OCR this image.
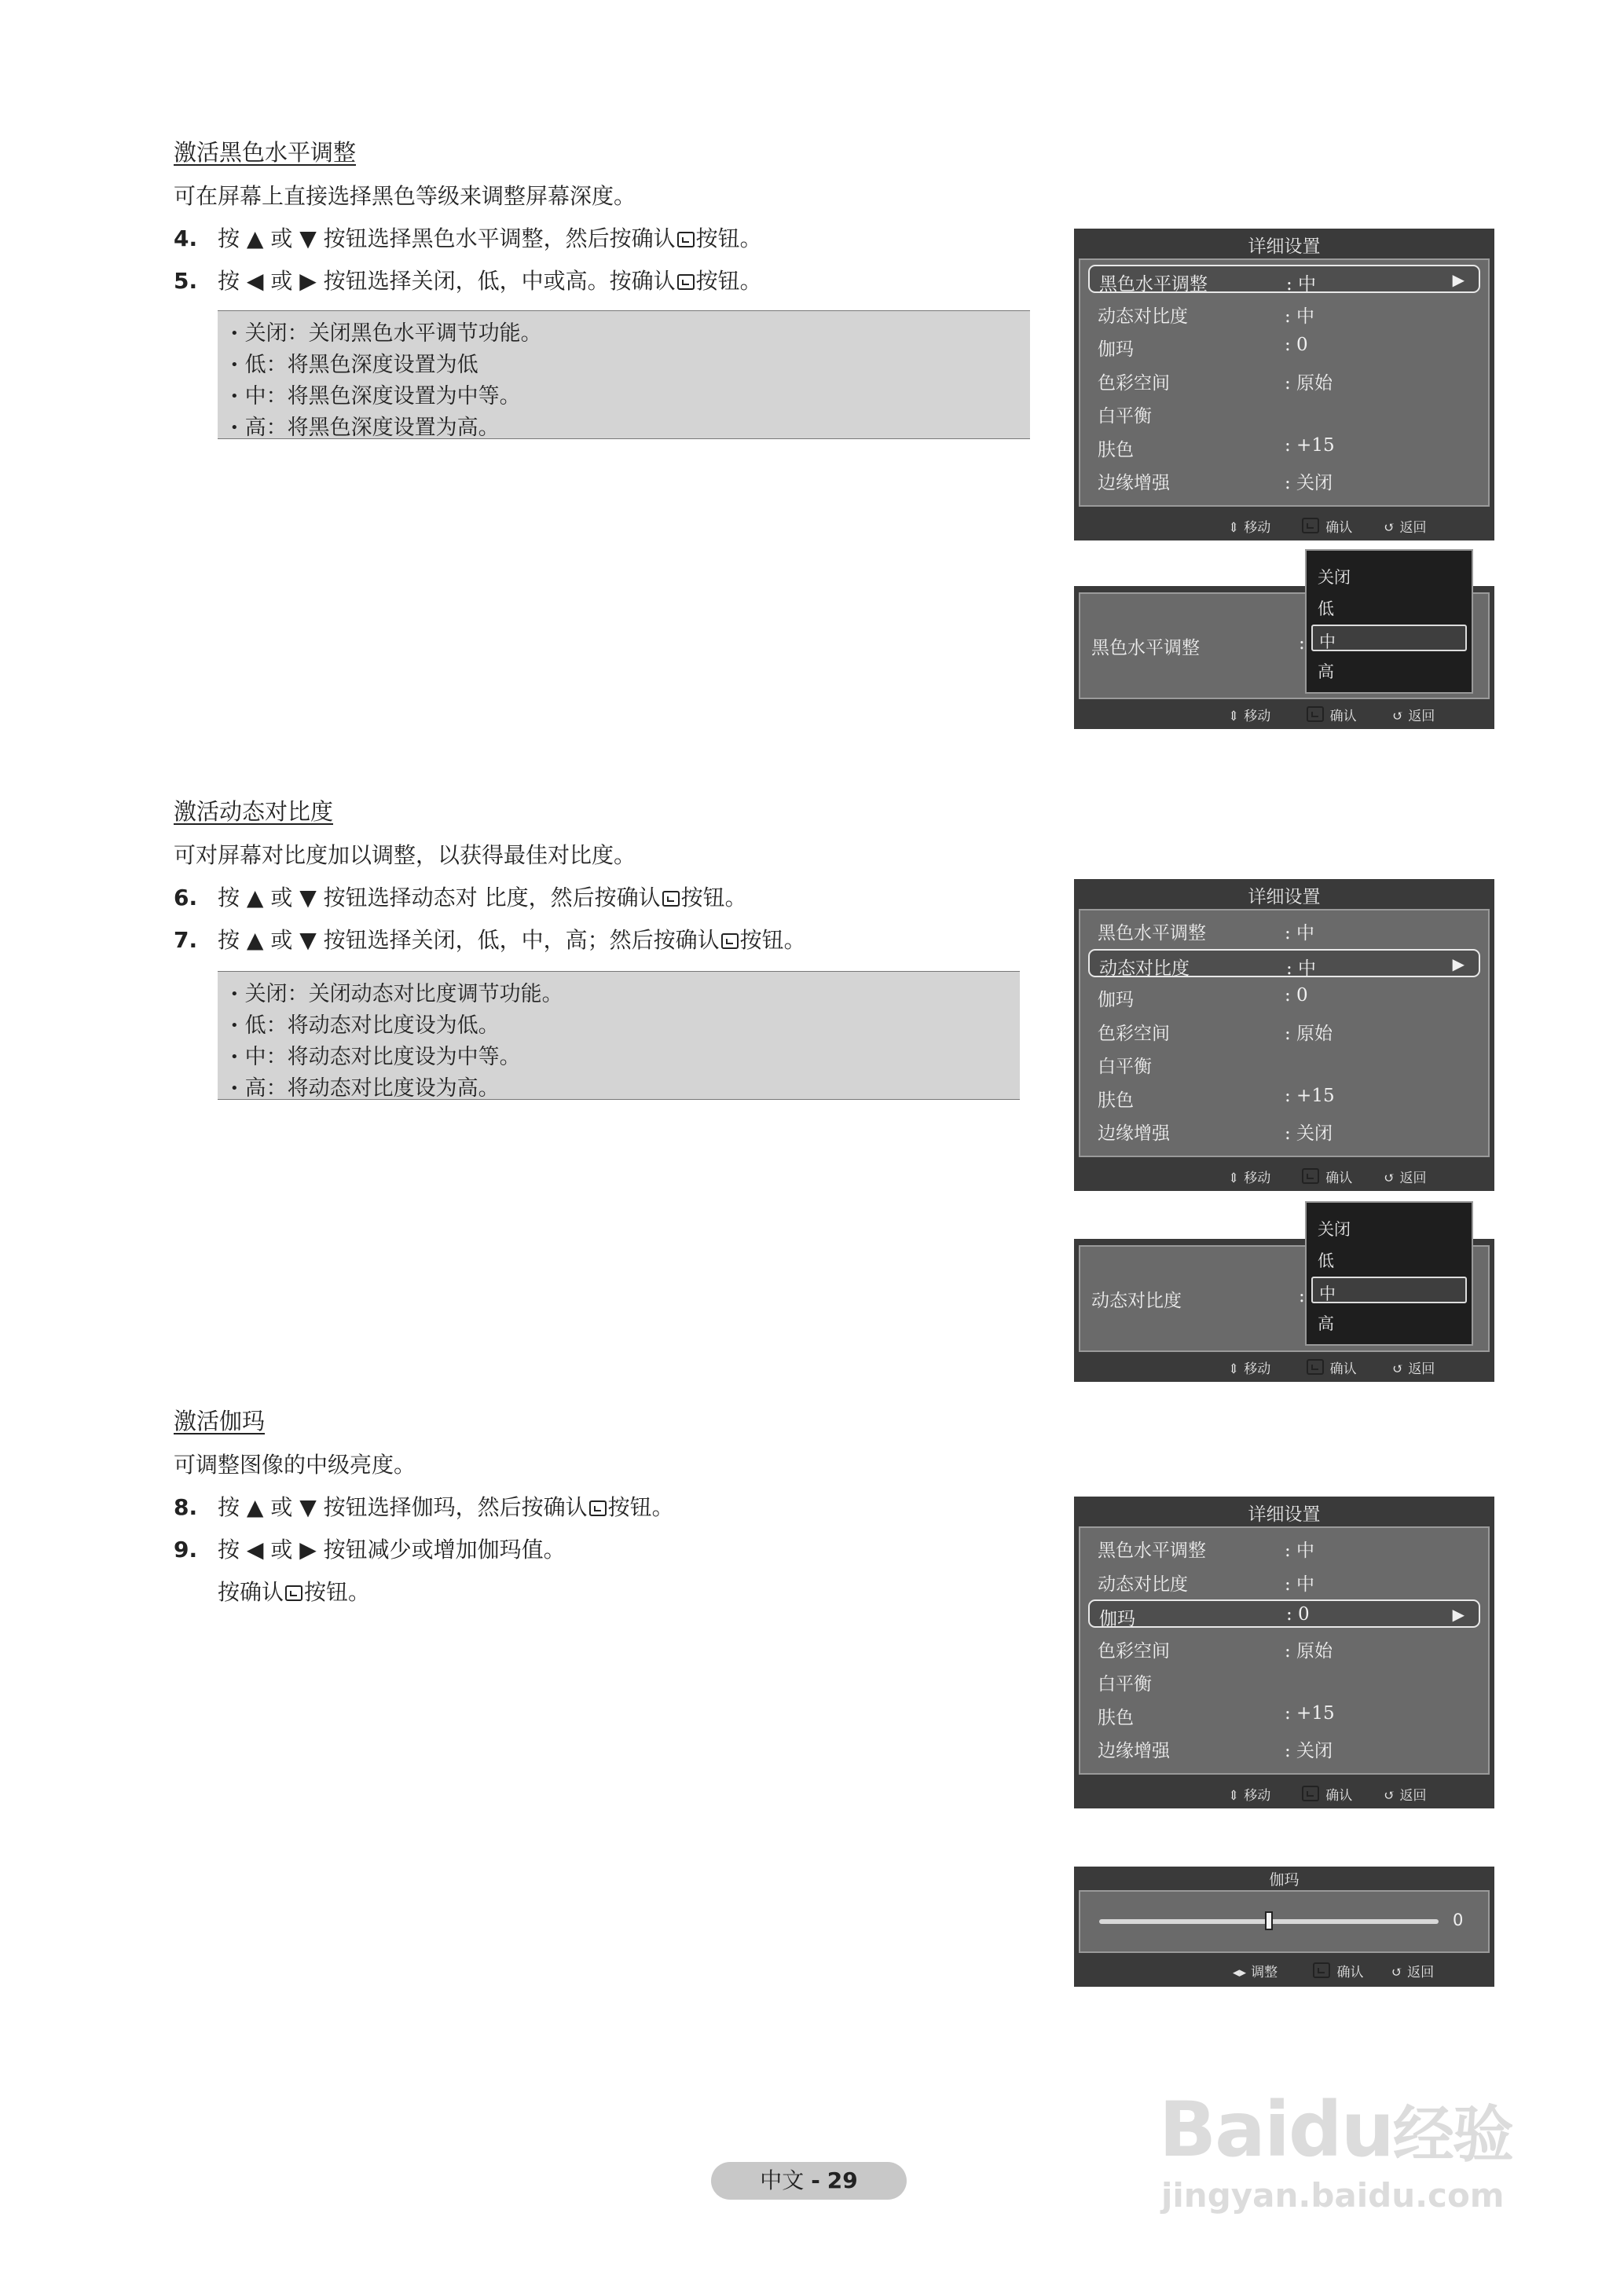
激活黑色水平调整
可在屏幕上直接选择黑色等级来调整屏幕深度。
4. 按 ▲ 或 ▼ 按钮选择黑色水平调整，然后按确认 按钮。
5. 按 ◀ 或 ▶ 按钮选择关闭，低，中或高。按确认 按钮。
• 关闭：关闭黑色水平调节功能。
• 低：将黑色深度设置为低
• 中：将黑色深度设置为中等。
• 高：将黑色深度设置为高。
详细设置
黑色水平调整	: 中	▶
动态对比度	: 中
伽玛	: 0
色彩空间	: 原始
白平衡
肤色	: +15
边缘增强	: 关闭
⇕ 移动	确认 ↺ 返回
黑色水平调整	:
⇕ 移动	确认	↺ 返回
关闭
低
中
高
激活动态对比度
可对屏幕对比度加以调整，以获得最佳对比度。
6. 按 ▲ 或 ▼ 按钮选择动态对 比度，然后按确认 按钮。
7. 按 ▲ 或 ▼ 按钮选择关闭，低，中，高；然后按确认 按钮。
• 关闭：关闭动态对比度调节功能。
• 低：将动态对比度设为低。
• 中：将动态对比度设为中等。
• 高：将动态对比度设为高。
详细设置
黑色水平调整	: 中
动态对比度	: 中	▶
伽玛	: 0
色彩空间	: 原始
白平衡
肤色	: +15
边缘增强	: 关闭
⇕ 移动	确认 ↺ 返回
动态对比度	:
⇕ 移动	确认	↺ 返回
关闭
低
中
高
激活伽玛
可调整图像的中级亮度。
8. 按 ▲ 或 ▼ 按钮选择伽玛，然后按确认 按钮。
9. 按 ◀ 或 ▶ 按钮减少或增加伽玛值。
按确认 按钮。
详细设置
黑色水平调整	: 中
动态对比度	: 中
伽玛	: 0	▶
色彩空间	: 原始
白平衡
肤色	: +15
边缘增强	: 关闭
⇕ 移动	确认 ↺ 返回
伽玛
0
◂▸ 调整	确认 ↺ 返回
中文 - 29
Baidu经验
jingyan.baidu.com
